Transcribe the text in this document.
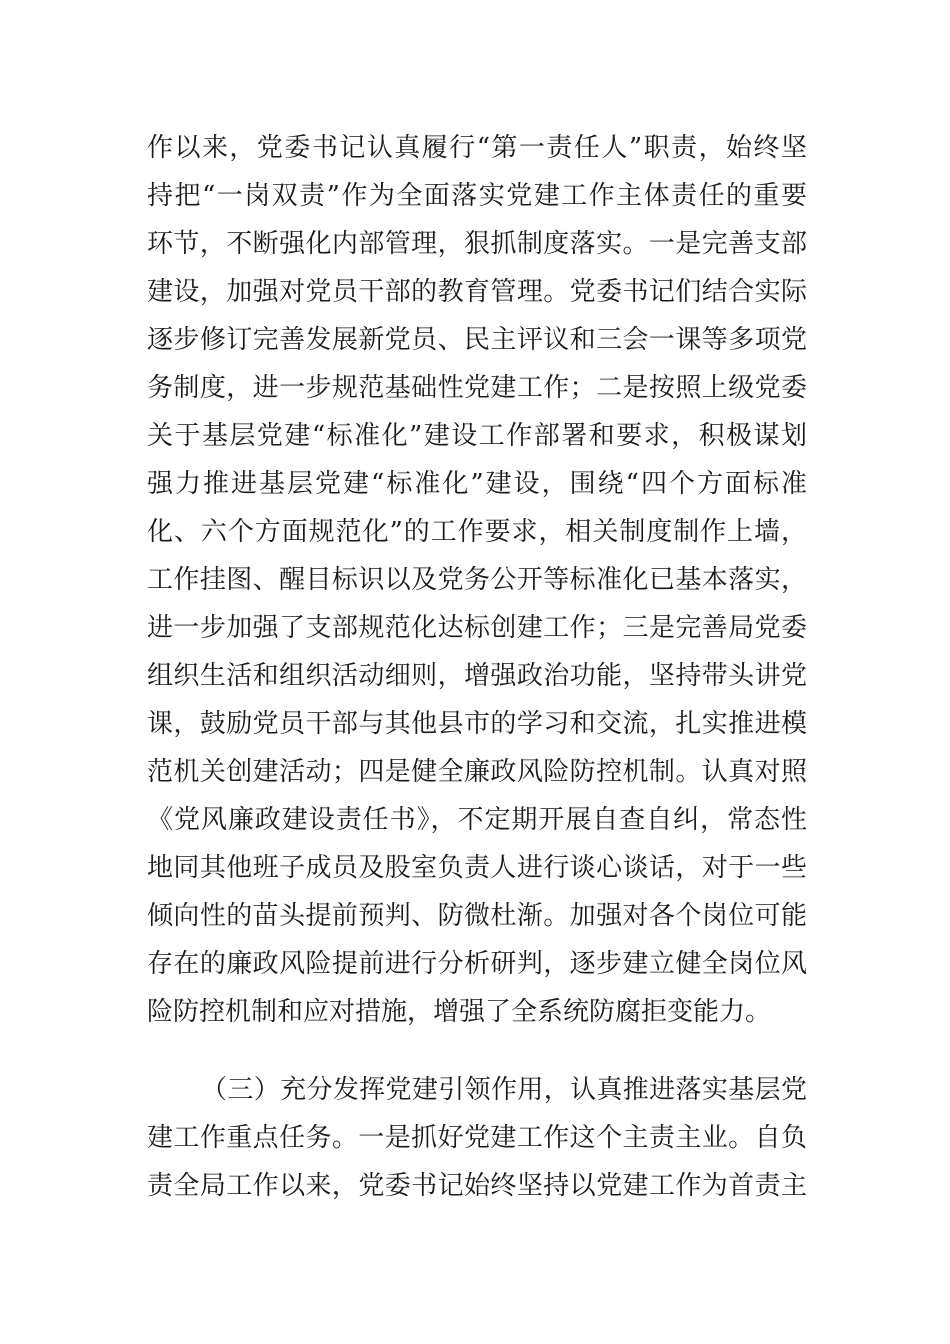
作以来，党委书记认真履行“第一责任人”职责，始终坚
持把“一岗双责”作为全面落实党建工作主体责任的重要
环节，不断强化内部管理，狠抓制度落实。一是完善支部
建设，加强对党员干部的教育管理。党委书记们结合实际
逐步修订完善发展新党员、民主评议和三会一课等多项党
务制度，进一步规范基础性党建工作；二是按照上级党委
关于基层党建“标准化”建设工作部署和要求，积极谋划
强力推进基层党建“标准化”建设，围绕“四个方面标准
化、六个方面规范化”的工作要求，相关制度制作上墙，
工作挂图、醒目标识以及党务公开等标准化已基本落实，
进一步加强了支部规范化达标创建工作；三是完善局党委
组织生活和组织活动细则，增强政治功能，坚持带头讲党
课，鼓励党员干部与其他县市的学习和交流，扎实推进模
范机关创建活动；四是健全廉政风险防控机制。认真对照
《党风廉政建设责任书》，不定期开展自查自纠，常态性
地同其他班子成员及股室负责人进行谈心谈话，对于一些
倾向性的苗头提前预判、防微杜渐。加强对各个岗位可能
存在的廉政风险提前进行分析研判，逐步建立健全岗位风
险防控机制和应对措施，增强了全系统防腐拒变能力。
（三）充分发挥党建引领作用，认真推进落实基层党
建工作重点任务。一是抓好党建工作这个主责主业。自负
责全局工作以来，党委书记始终坚持以党建工作为首责主
